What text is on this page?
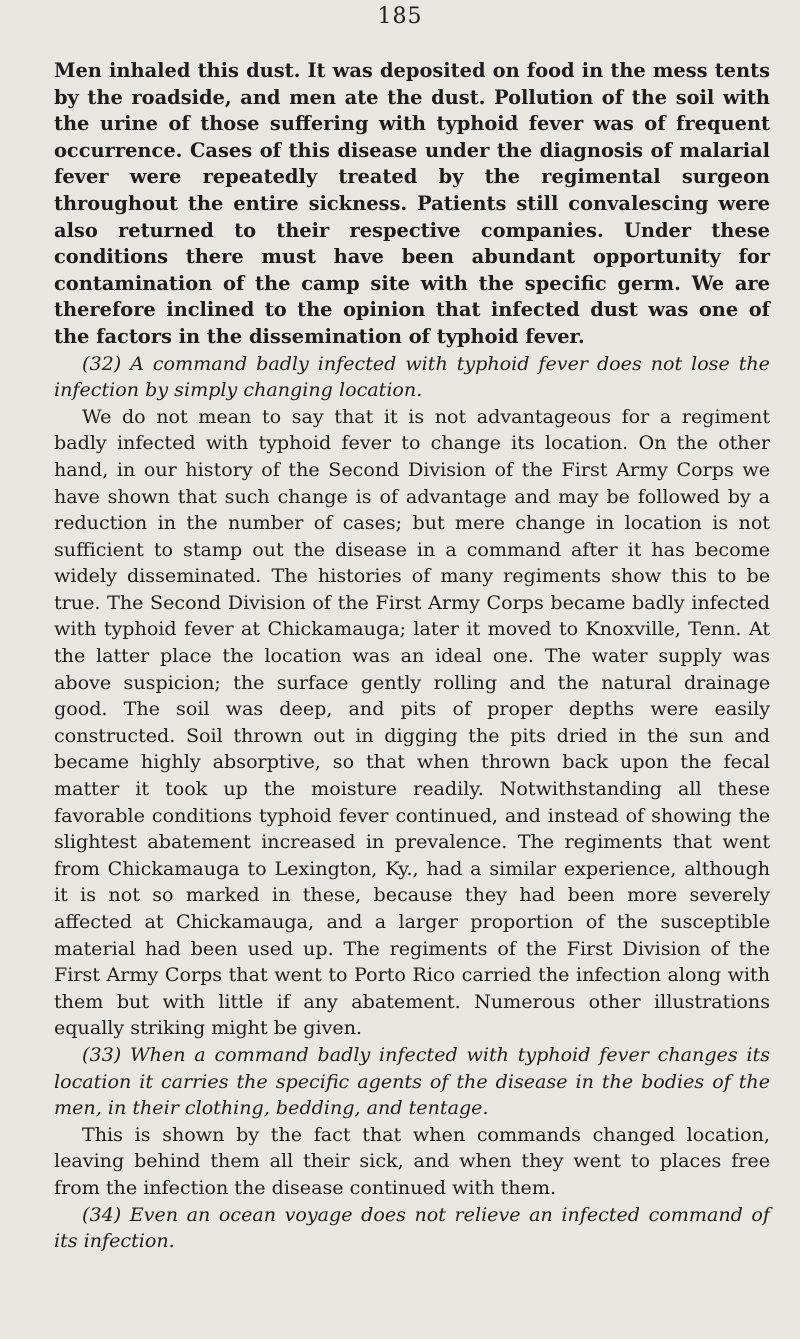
185

Men inhaled this dust. It was deposited on food in the mess tents by the roadside, and men ate the dust. Pollution of the soil with the urine of those suffering with typhoid fever was of frequent occurrence. Cases of this disease under the diagnosis of malarial fever were repeatedly treated by the regimental surgeon throughout the entire sickness. Patients still convalescing were also returned to their respective companies. Under these conditions there must have been abundant opportunity for contamination of the camp site with the specific germ. We are therefore inclined to the opinion that infected dust was one of the factors in the dissemination of typhoid fever.

(32) A command badly infected with typhoid fever does not lose the infection by simply changing location.

We do not mean to say that it is not advantageous for a regiment badly infected with typhoid fever to change its location. On the other hand, in our history of the Second Division of the First Army Corps we have shown that such change is of advantage and may be followed by a reduction in the number of cases; but mere change in location is not sufficient to stamp out the disease in a command after it has become widely disseminated. The histories of many regiments show this to be true. The Second Division of the First Army Corps became badly infected with typhoid fever at Chickamauga; later it moved to Knoxville, Tenn. At the latter place the location was an ideal one. The water supply was above suspicion; the surface gently rolling and the natural drainage good. The soil was deep, and pits of proper depths were easily constructed. Soil thrown out in digging the pits dried in the sun and became highly absorptive, so that when thrown back upon the fecal matter it took up the moisture readily. Notwithstanding all these favorable conditions typhoid fever continued, and instead of showing the slightest abatement increased in prevalence. The regiments that went from Chickamauga to Lexington, Ky., had a similar experience, although it is not so marked in these, because they had been more severely affected at Chickamauga, and a larger proportion of the susceptible material had been used up. The regiments of the First Division of the First Army Corps that went to Porto Rico carried the infection along with them but with little if any abatement. Numerous other illustrations equally striking might be given.

(33) When a command badly infected with typhoid fever changes its location it carries the specific agents of the disease in the bodies of the men, in their clothing, bedding, and tentage.

This is shown by the fact that when commands changed location, leaving behind them all their sick, and when they went to places free from the infection the disease continued with them.

(34) Even an ocean voyage does not relieve an infected command of its infection.
